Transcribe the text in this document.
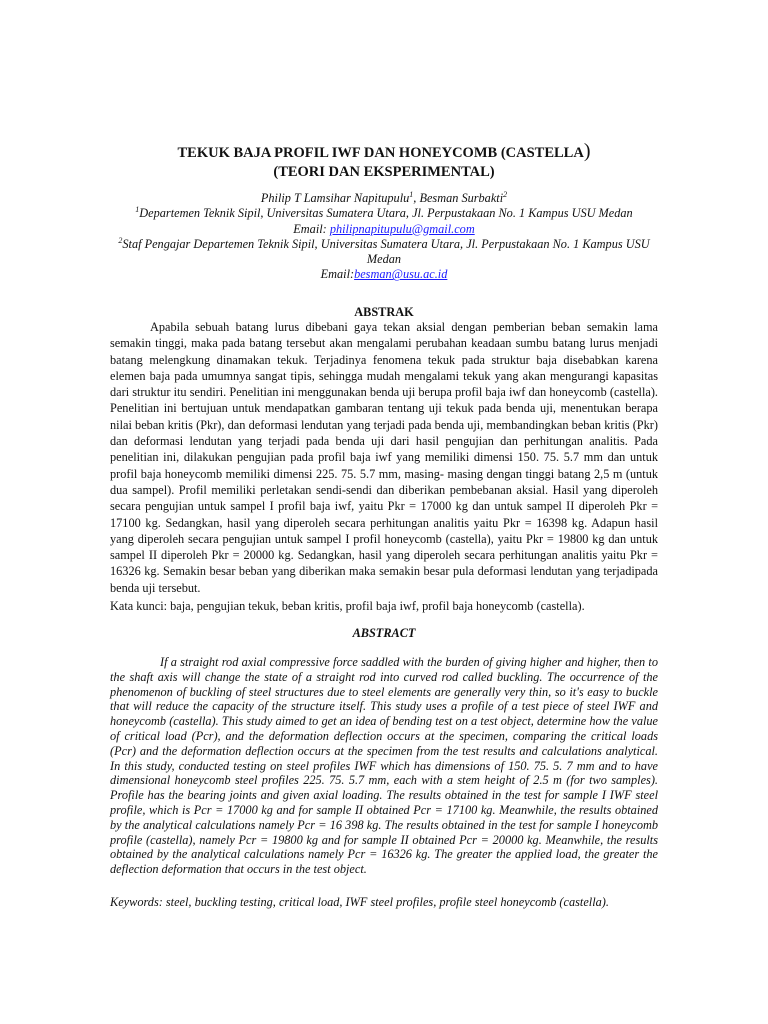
TEKUK BAJA PROFIL IWF DAN HONEYCOMB (CASTELLA)
(TEORI DAN EKSPERIMENTAL)
Philip T Lamsihar Napitupulu$^1$, Besman Surbakti$^2$
$^1$Departemen Teknik Sipil, Universitas Sumatera Utara, Jl. Perpustakaan No. 1 Kampus USU Medan
Email: philipnapitupulu@gmail.com
$^2$Staf Pengajar Departemen Teknik Sipil, Universitas Sumatera Utara, Jl. Perpustakaan No. 1 Kampus USU Medan
Email:besman@usu.ac.id
ABSTRAK

Apabila sebuah batang lurus dibebani gaya tekan aksial dengan pemberian beban semakin lama semakin tinggi, maka pada batang tersebut akan mengalami perubahan keadaan sumbu batang lurus menjadi batang melengkung dinamakan tekuk. Terjadinya fenomena tekuk pada struktur baja disebabkan karena elemen baja pada umumnya sangat tipis, sehingga mudah mengalami tekuk yang akan mengurangi kapasitas dari struktur itu sendiri. Penelitian ini menggunakan benda uji berupa profil baja iwf dan honeycomb (castella). Penelitian ini bertujuan untuk mendapatkan gambaran tentang uji tekuk pada benda uji, menentukan berapa nilai beban kritis (Pkr), dan deformasi lendutan yang terjadi pada benda uji, membandingkan beban kritis (Pkr) dan deformasi lendutan yang terjadi pada benda uji dari hasil pengujian dan perhitungan analitis. Pada penelitian ini, dilakukan pengujian pada profil baja iwf yang memiliki dimensi 150. 75. 5.7 mm dan untuk profil baja honeycomb memiliki dimensi 225. 75. 5.7 mm, masing- masing dengan tinggi batang 2,5 m (untuk dua sampel). Profil memiliki perletakan sendi-sendi dan diberikan pembebanan aksial. Hasil yang diperoleh secara pengujian untuk sampel I profil baja iwf, yaitu Pkr = 17000 kg dan untuk sampel II diperoleh Pkr = 17100 kg. Sedangkan, hasil yang diperoleh secara perhitungan analitis yaitu Pkr = 16398 kg. Adapun hasil yang diperoleh secara pengujian untuk sampel I profil honeycomb (castella), yaitu Pkr = 19800 kg dan untuk sampel II diperoleh Pkr = 20000 kg. Sedangkan, hasil yang diperoleh secara perhitungan analitis yaitu Pkr = 16326 kg. Semakin besar beban yang diberikan maka semakin besar pula deformasi lendutan yang terjadipada benda uji tersebut.

Kata kunci: baja, pengujian tekuk, beban kritis, profil baja iwf, profil baja honeycomb (castella).
ABSTRACT

If a straight rod axial compressive force saddled with the burden of giving higher and higher, then to the shaft axis will change the state of a straight rod into curved rod called buckling. The occurrence of the phenomenon of buckling of steel structures due to steel elements are generally very thin, so it's easy to buckle that will reduce the capacity of the structure itself. This study uses a profile of a test piece of steel IWF and honeycomb (castella). This study aimed to get an idea of bending test on a test object, determine how the value of critical load (Pcr), and the deformation deflection occurs at the specimen, comparing the critical loads (Pcr) and the deformation deflection occurs at the specimen from the test results and calculations analytical. In this study, conducted testing on steel profiles IWF which has dimensions of 150. 75. 5. 7 mm and to have dimensional honeycomb steel profiles 225. 75. 5.7 mm, each with a stem height of 2.5 m (for two samples). Profile has the bearing joints and given axial loading. The results obtained in the test for sample I IWF steel profile, which is Pcr = 17000 kg and for sample II obtained Pcr = 17100 kg. Meanwhile, the results obtained by the analytical calculations namely Pcr = 16 398 kg. The results obtained in the test for sample I honeycomb profile (castella), namely Pcr = 19800 kg and for sample II obtained Pcr = 20000 kg. Meanwhile, the results obtained by the analytical calculations namely Pcr = 16326 kg. The greater the applied load, the greater the deflection deformation that occurs in the test object.

Keywords: steel, buckling testing, critical load, IWF steel profiles, profile steel honeycomb (castella).
